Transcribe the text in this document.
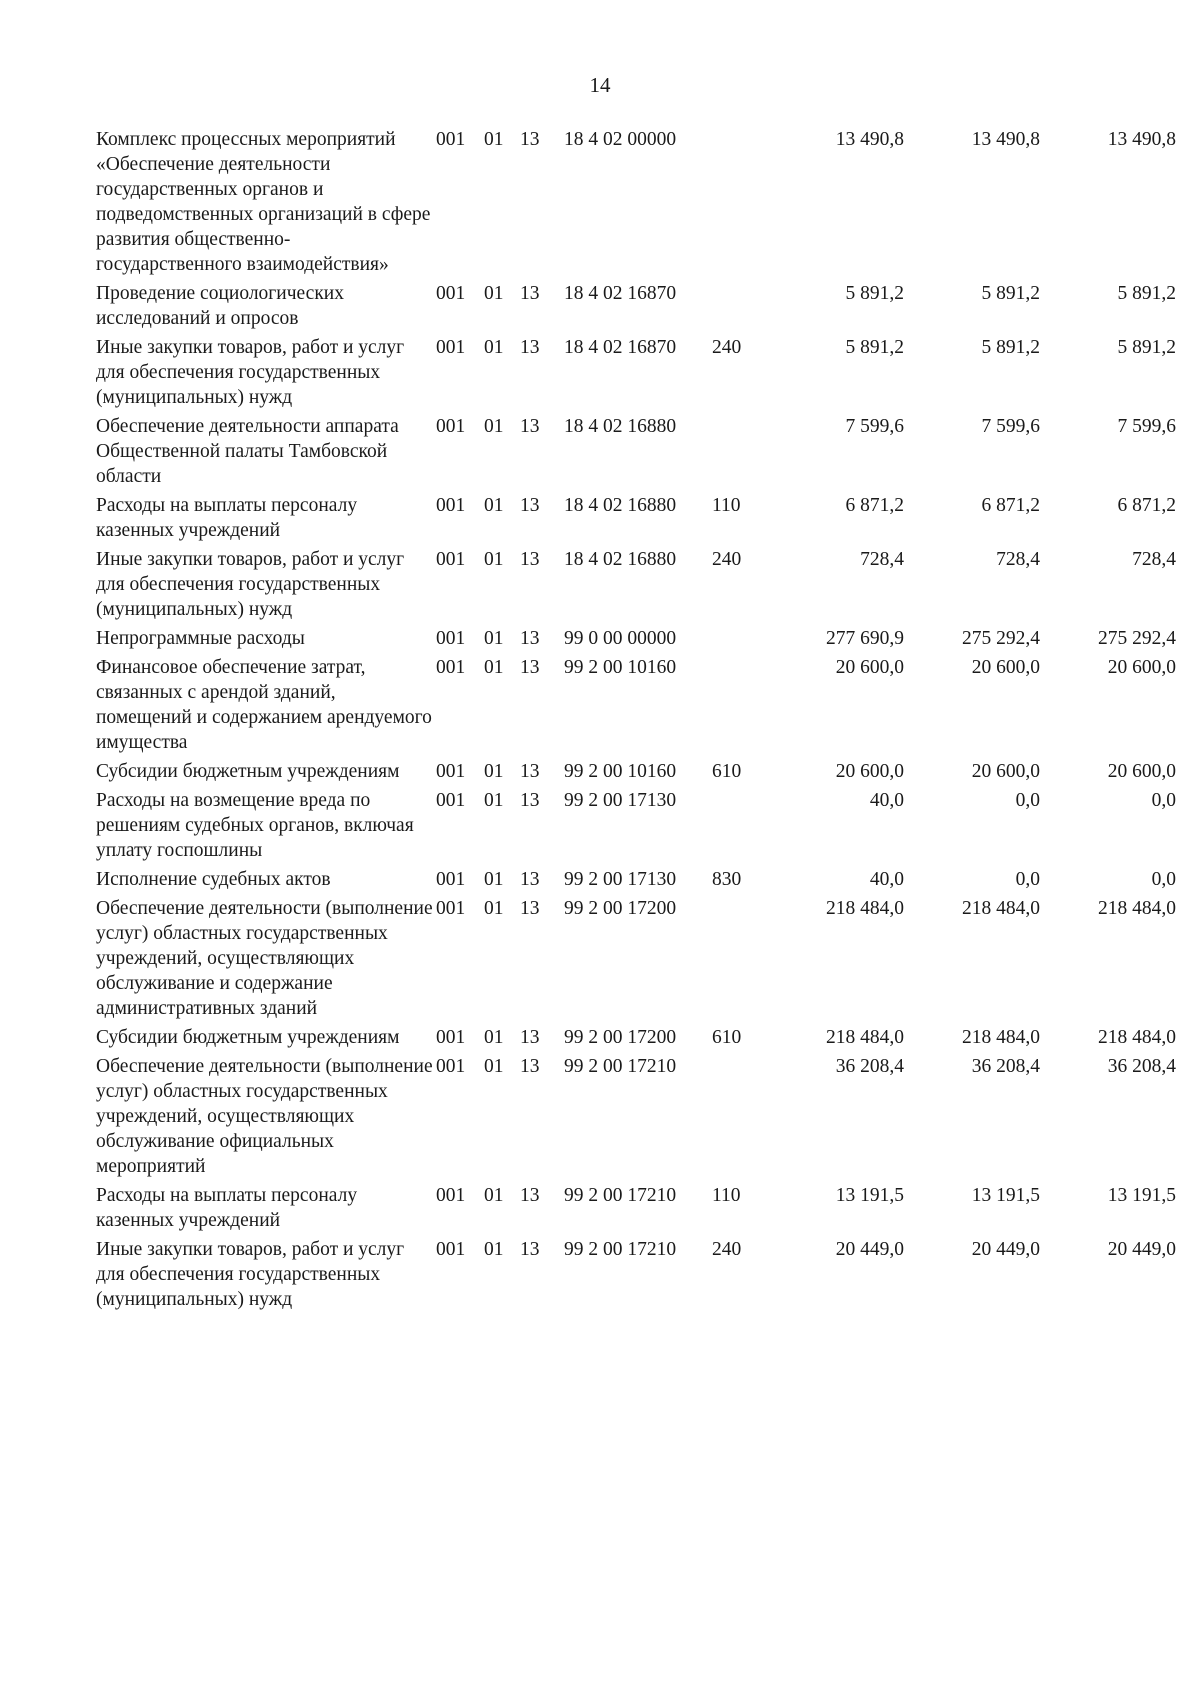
14
Комплекс процессных мероприятий «Обеспечение деятельности государственных органов и подведомственных организаций в сфере развития общественно-государственного взаимодействия»	001	01	13	18 4 02 00000		13 490,8	13 490,8	13 490,8
Проведение социологических исследований и опросов	001	01	13	18 4 02 16870		5 891,2	5 891,2	5 891,2
Иные закупки товаров, работ и услуг для обеспечения государственных (муниципальных) нужд	001	01	13	18 4 02 16870	240	5 891,2	5 891,2	5 891,2
Обеспечение деятельности аппарата Общественной палаты Тамбовской области	001	01	13	18 4 02 16880		7 599,6	7 599,6	7 599,6
Расходы на выплаты персоналу казенных учреждений	001	01	13	18 4 02 16880	110	6 871,2	6 871,2	6 871,2
Иные закупки товаров, работ и услуг для обеспечения государственных (муниципальных) нужд	001	01	13	18 4 02 16880	240	728,4	728,4	728,4
Непрограммные расходы	001	01	13	99 0 00 00000		277 690,9	275 292,4	275 292,4
Финансовое обеспечение затрат, связанных с арендой зданий, помещений и содержанием арендуемого имущества	001	01	13	99 2 00 10160		20 600,0	20 600,0	20 600,0
Субсидии бюджетным учреждениям	001	01	13	99 2 00 10160	610	20 600,0	20 600,0	20 600,0
Расходы на возмещение вреда по решениям судебных органов, включая уплату госпошлины	001	01	13	99 2 00 17130		40,0	0,0	0,0
Исполнение судебных актов	001	01	13	99 2 00 17130	830	40,0	0,0	0,0
Обеспечение деятельности (выполнение услуг) областных государственных учреждений, осуществляющих обслуживание и содержание административных зданий	001	01	13	99 2 00 17200		218 484,0	218 484,0	218 484,0
Субсидии бюджетным учреждениям	001	01	13	99 2 00 17200	610	218 484,0	218 484,0	218 484,0
Обеспечение деятельности (выполнение услуг) областных государственных учреждений, осуществляющих обслуживание официальных мероприятий	001	01	13	99 2 00 17210		36 208,4	36 208,4	36 208,4
Расходы на выплаты персоналу казенных учреждений	001	01	13	99 2 00 17210	110	13 191,5	13 191,5	13 191,5
Иные закупки товаров, работ и услуг для обеспечения государственных (муниципальных) нужд	001	01	13	99 2 00 17210	240	20 449,0	20 449,0	20 449,0
